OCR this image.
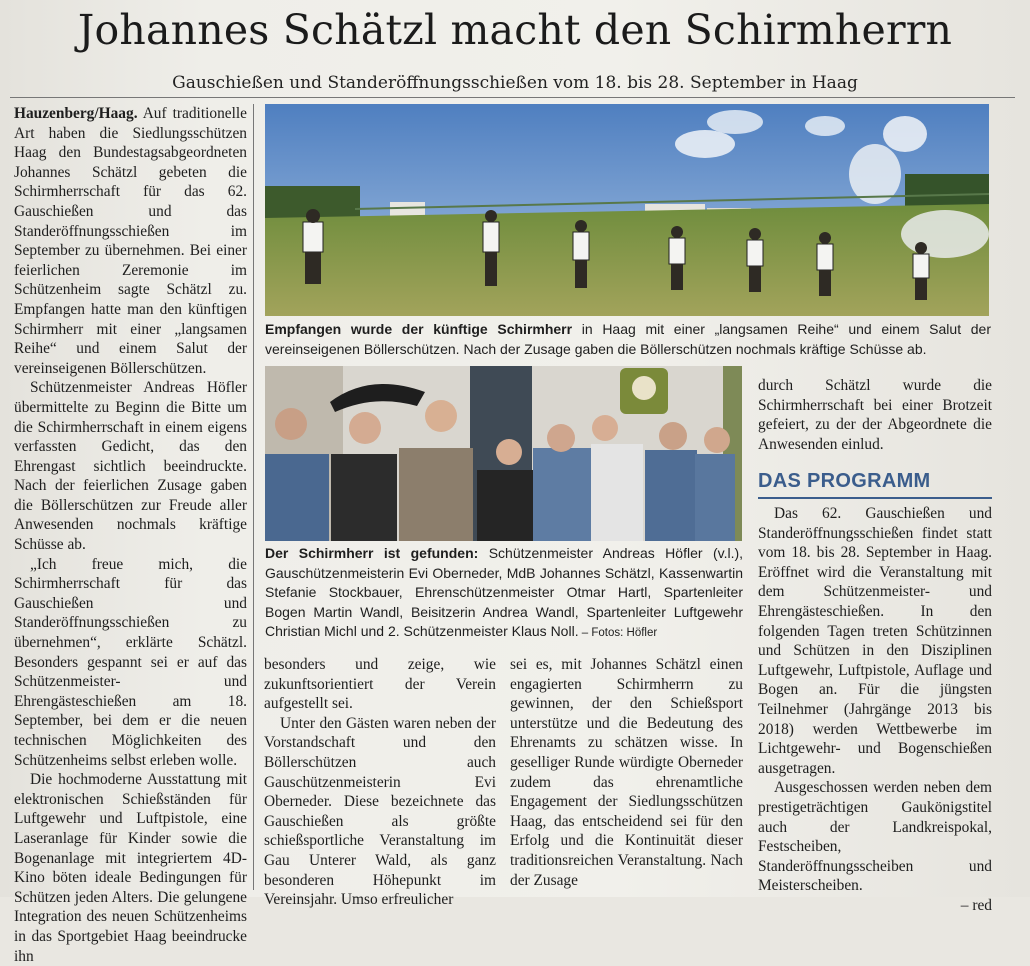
Johannes Schätzl macht den Schirmherrn
Gauschießen und Standeröffnungsschießen vom 18. bis 28. September in Haag

Hauzenberg/Haag. Auf traditionelle Art haben die Siedlungsschützen Haag den Bundestagsabgeordneten Johannes Schätzl gebeten die Schirmherrschaft für das 62. Gauschießen und das Standeröffnungsschießen im September zu übernehmen. Bei einer feierlichen Zeremonie im Schützenheim sagte Schätzl zu. Empfangen hatte man den künftigen Schirmherr mit einer „langsamen Reihe“ und einem Salut der vereinseigenen Böllerschützen.

Schützenmeister Andreas Höfler übermittelte zu Beginn die Bitte um die Schirmherrschaft in einem eigens verfassten Gedicht, das den Ehrengast sichtlich beeindruckte. Nach der feierlichen Zusage gaben die Böllerschützen zur Freude aller Anwesenden nochmals kräftige Schüsse ab.

„Ich freue mich, die Schirmherrschaft für das Gauschießen und Standeröffnungsschießen zu übernehmen“, erklärte Schätzl. Besonders gespannt sei er auf das Schützenmeister- und Ehrengästeschießen am 18. September, bei dem er die neuen technischen Möglichkeiten des Schützenheims selbst erleben wolle.

Die hochmoderne Ausstattung mit elektronischen Schießständen für Luftgewehr und Luftpistole, eine Laseranlage für Kinder sowie die Bogenanlage mit integriertem 4D-Kino böten ideale Bedingungen für Schützen jeden Alters. Die gelungene Integration des neuen Schützenheims in das Sportgebiet Haag beeindrucke ihn

Empfangen wurde der künftige Schirmherr in Haag mit einer „langsamen Reihe“ und einem Salut der vereinseigenen Böllerschützen. Nach der Zusage gaben die Böllerschützen nochmals kräftige Schüsse ab.
Der Schirmherr ist gefunden: Schützenmeister Andreas Höfler (v.l.), Gauschützenmeisterin Evi Oberneder, MdB Johannes Schätzl, Kassenwartin Stefanie Stockbauer, Ehrenschützenmeister Otmar Hartl, Spartenleiter Bogen Martin Wandl, Beisitzerin Andrea Wandl, Spartenleiter Luftgewehr Christian Michl und 2. Schützenmeister Klaus Noll. – Fotos: Höfler

besonders und zeige, wie zukunftsorientiert der Verein aufgestellt sei.

Unter den Gästen waren neben der Vorstandschaft und den Böllerschützen auch Gauschützenmeisterin Evi Oberneder. Diese bezeichnete das Gauschießen als größte schießsportliche Veranstaltung im Gau Unterer Wald, als ganz besonderen Höhepunkt im Vereinsjahr. Umso erfreulicher

sei es, mit Johannes Schätzl einen engagierten Schirmherrn zu gewinnen, der den Schießsport unterstütze und die Bedeutung des Ehrenamts zu schätzen wisse. In geselliger Runde würdigte Oberneder zudem das ehrenamtliche Engagement der Siedlungsschützen Haag, das entscheidend sei für den Erfolg und die Kontinuität dieser traditionsreichen Veranstaltung. Nach der Zusage

durch Schätzl wurde die Schirmherrschaft bei einer Brotzeit gefeiert, zu der der Abgeordnete die Anwesenden einlud.

DAS PROGRAMM

Das 62. Gauschießen und Standeröffnungsschießen findet statt vom 18. bis 28. September in Haag. Eröffnet wird die Veranstaltung mit dem Schützenmeister- und Ehrengästeschießen. In den folgenden Tagen treten Schützinnen und Schützen in den Disziplinen Luftgewehr, Luftpistole, Auflage und Bogen an. Für die jüngsten Teilnehmer (Jahrgänge 2013 bis 2018) werden Wettbewerbe im Lichtgewehr- und Bogenschießen ausgetragen.

Ausgeschossen werden neben dem prestigeträchtigen Gaukönigstitel auch der Landkreispokal, Festscheiben, Standeröffnungsscheiben und Meisterscheiben.

– red
